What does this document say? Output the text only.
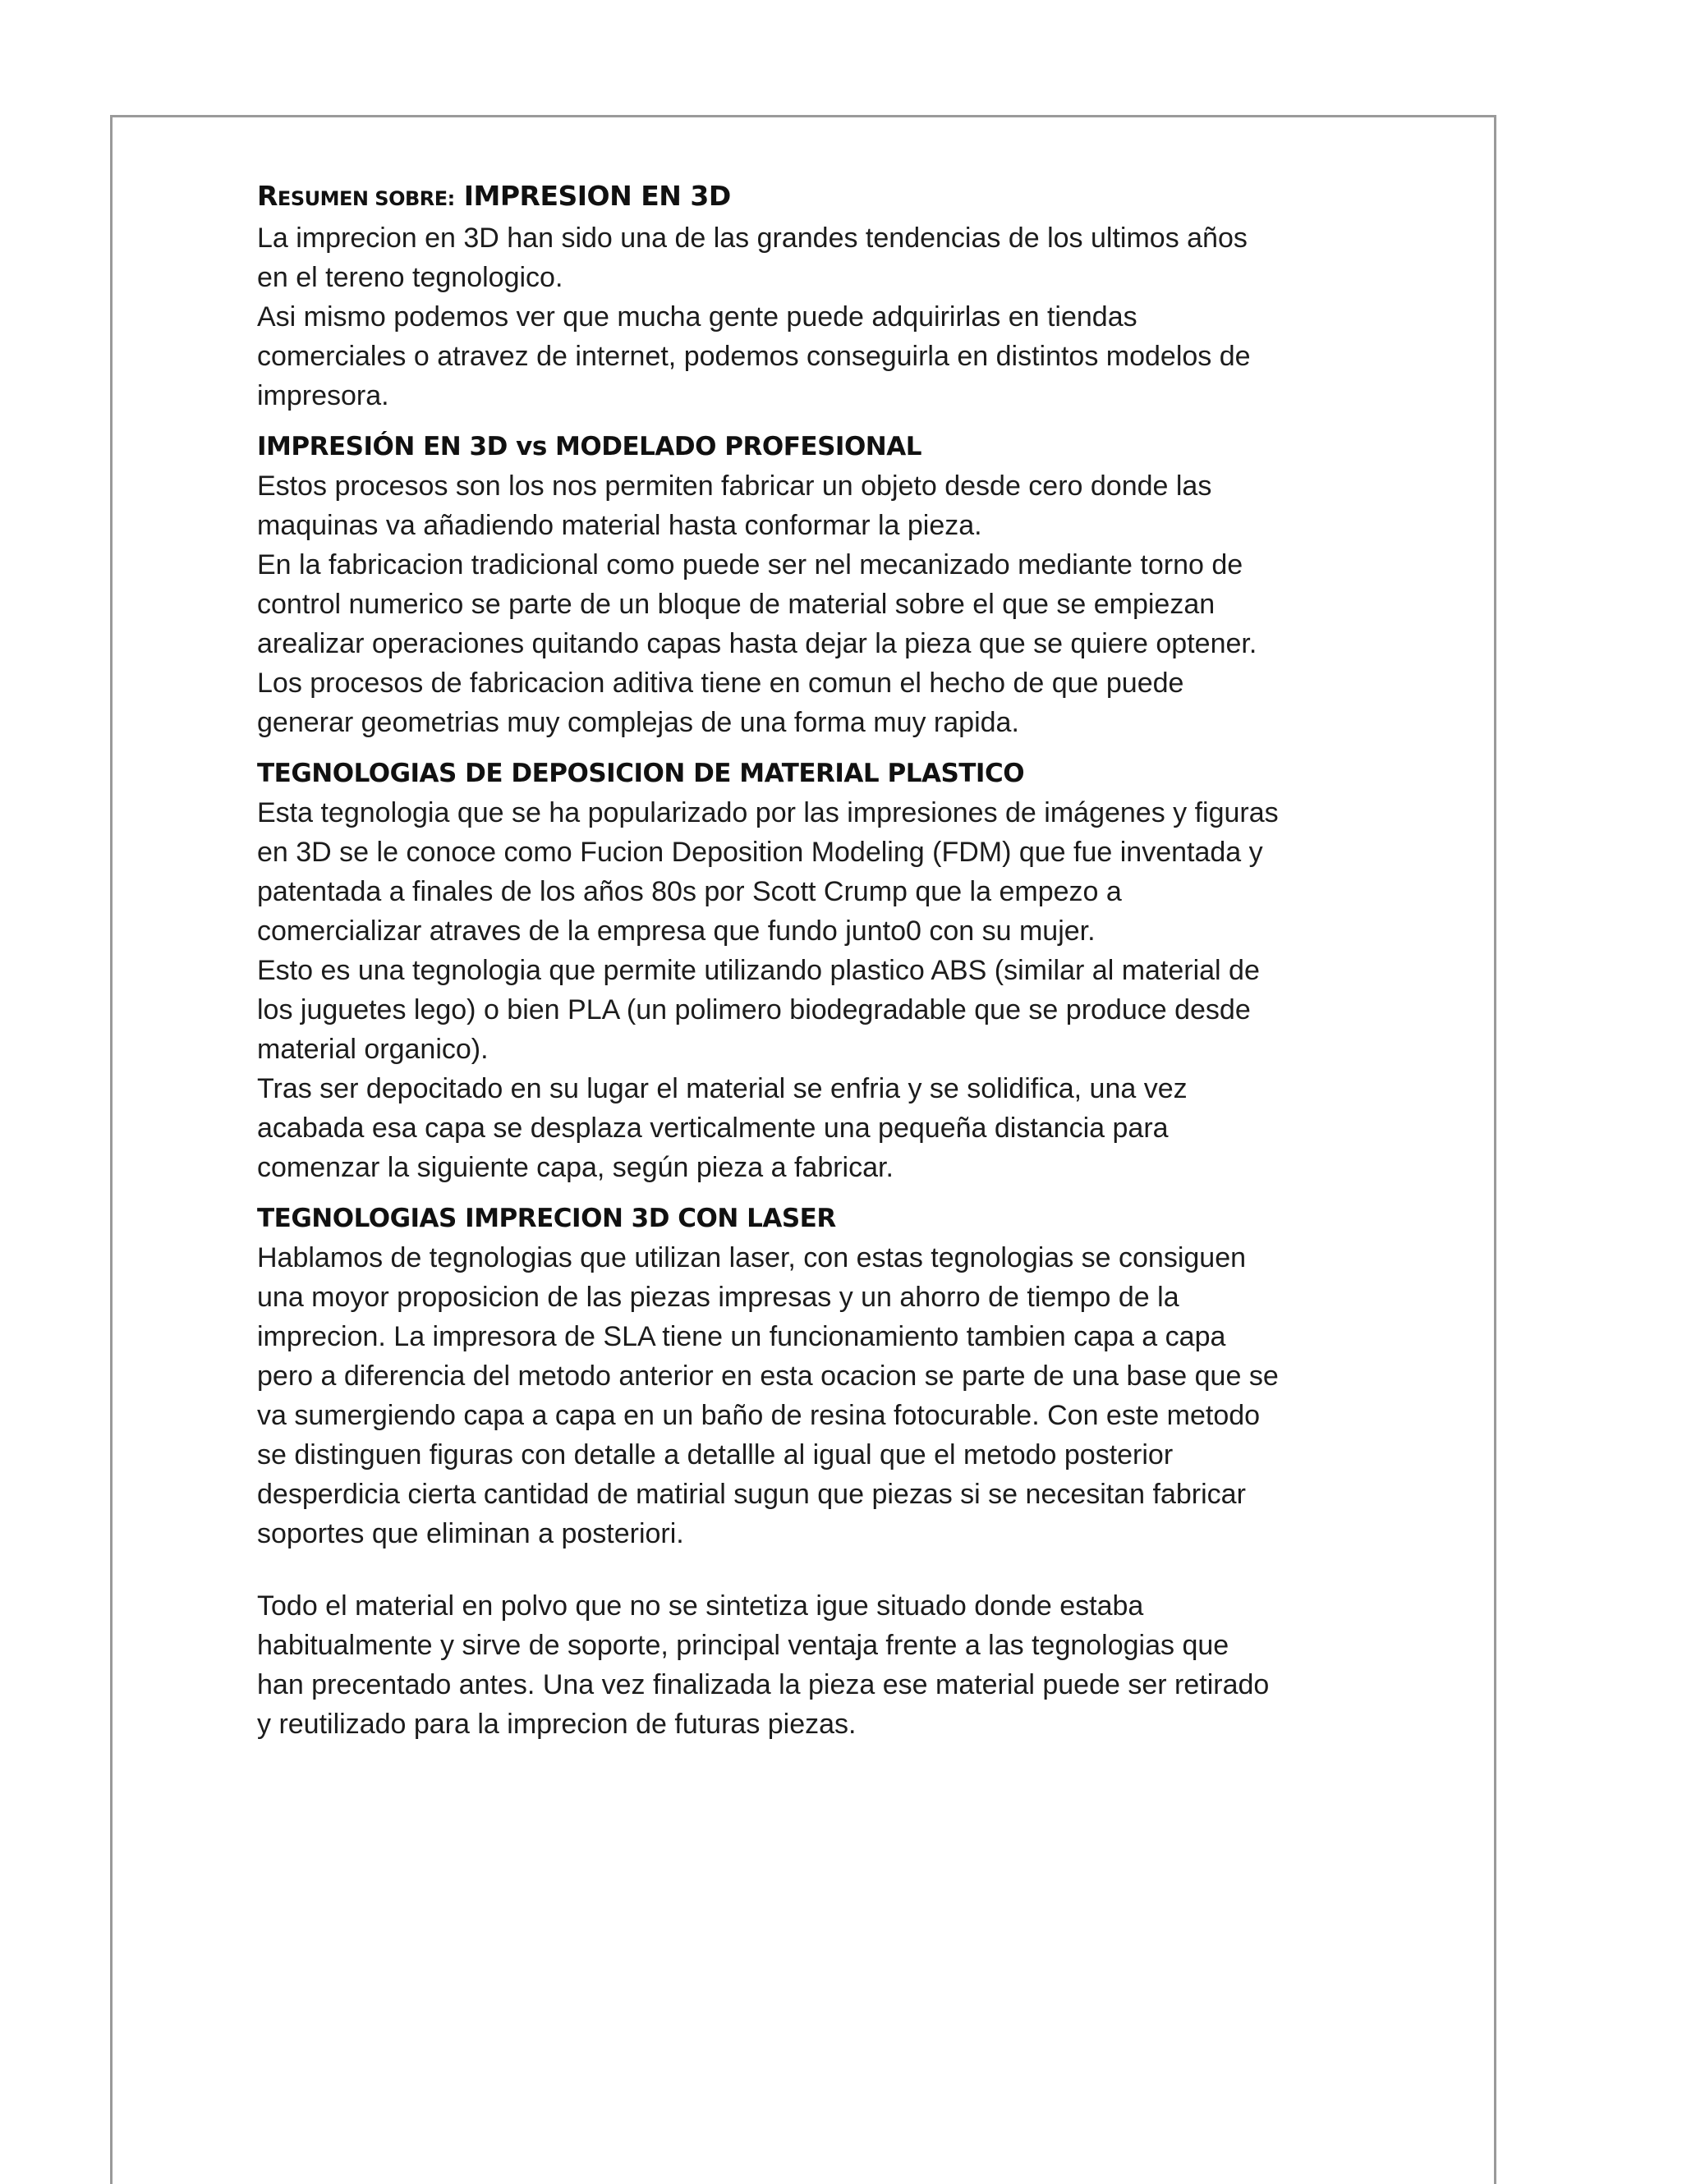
RESUMEN SOBRE: IMPRESION EN 3D

La imprecion en 3D han sido una de las grandes tendencias de los ultimos años
en el tereno tegnologico.

Asi mismo podemos ver que mucha gente puede adquirirlas en tiendas
comerciales o atravez de internet, podemos conseguirla en distintos modelos de
impresora.

IMPRESIÓN EN 3D vs MODELADO PROFESIONAL

Estos procesos son los nos permiten fabricar un objeto desde cero donde las
maquinas va añadiendo material hasta conformar la pieza.

En la fabricacion tradicional como puede ser nel mecanizado mediante torno de
control numerico se parte de un bloque de material sobre el que se empiezan
arealizar operaciones quitando capas hasta dejar la pieza que se quiere optener.

Los procesos de fabricacion aditiva tiene en comun el hecho de que puede
generar geometrias muy complejas de una forma muy rapida.

TEGNOLOGIAS DE DEPOSICION DE MATERIAL PLASTICO

Esta tegnologia que se ha popularizado por las impresiones de imágenes y figuras
en 3D se le conoce como Fucion Deposition Modeling (FDM) que fue inventada y
patentada a finales de los años 80s por Scott Crump que la empezo a
comercializar atraves de la empresa que fundo junto0 con su mujer.

Esto es una tegnologia que permite utilizando plastico ABS (similar al material de
los juguetes lego) o bien PLA (un polimero biodegradable que se produce desde
material organico).

Tras ser depocitado en su lugar el material se enfria y se solidifica, una vez
acabada esa capa se desplaza verticalmente una pequeña distancia para
comenzar la siguiente capa, según pieza a fabricar.

TEGNOLOGIAS IMPRECION 3D CON LASER

Hablamos de tegnologias que utilizan laser, con estas tegnologias se consiguen
una moyor proposicion de las piezas impresas y un ahorro de tiempo de la
imprecion. La impresora de SLA tiene un funcionamiento tambien capa a capa
pero a diferencia del metodo anterior en esta ocacion se parte de una base que se
va sumergiendo capa a capa en un baño de resina fotocurable. Con este metodo
se distinguen figuras con detalle a detallle al igual que el metodo posterior
desperdicia cierta cantidad de matirial sugun que piezas si se necesitan fabricar
soportes que eliminan a posteriori.

Todo el material en polvo que no se sintetiza igue situado donde estaba
habitualmente y sirve de soporte, principal ventaja frente a las tegnologias que
han precentado antes. Una vez finalizada la pieza ese material puede ser retirado
y reutilizado para la imprecion de futuras piezas.
